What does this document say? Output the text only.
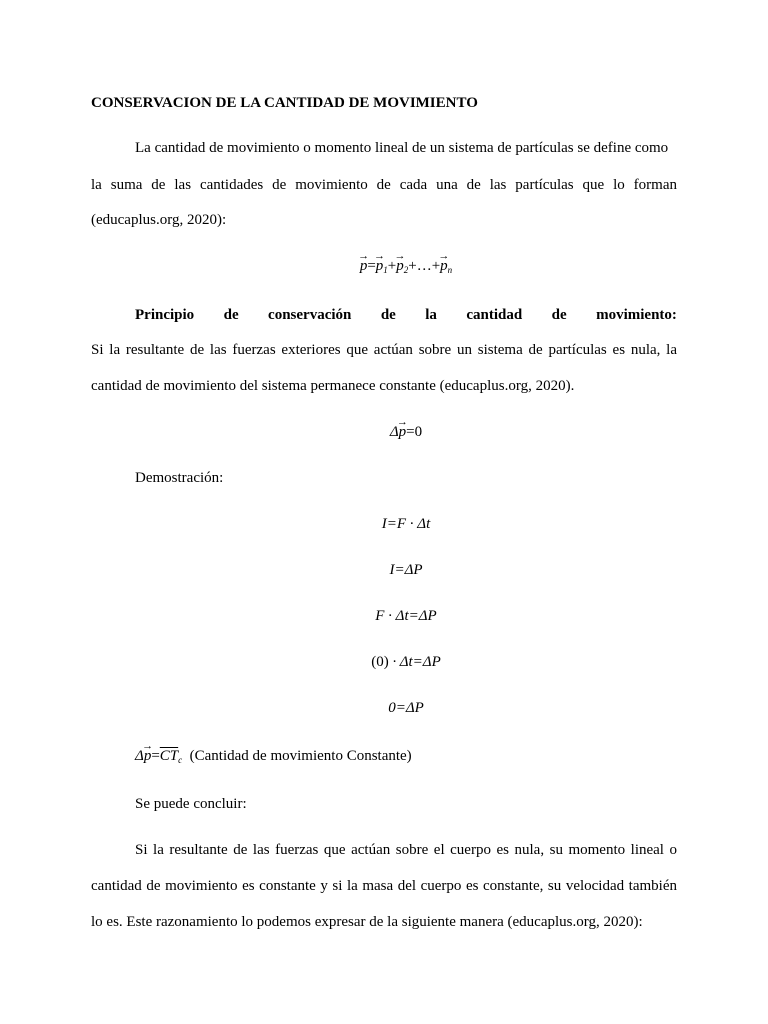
CONSERVACION DE LA CANTIDAD DE MOVIMIENTO
La cantidad de movimiento o momento lineal de un sistema de partículas se define como
la suma de las cantidades de movimiento de cada una de las partículas que lo forman
(educaplus.org, 2020):
→ $p=\to p_1+\to$ $p_2+\dots+\to p_n$
Principio de conservación de la cantidad de movimiento:
Si la resultante de las fuerzas exteriores que actúan sobre un sistema de partículas es nula, la
cantidad de movimiento del sistema permanece constante (educaplus.org, 2020).
Δ→ p=0
Demostración:
I=F · Δt
I=ΔP
F · Δt=ΔP
(0) · Δt=ΔP
0=ΔP
$\Delta\to p=\overline{CT}_c$ (Cantidad de movimiento Constante)
Se puede concluir:
Si la resultante de las fuerzas que actúan sobre el cuerpo es nula, su momento lineal o
cantidad de movimiento es constante y si la masa del cuerpo es constante, su velocidad también
lo es. Este razonamiento lo podemos expresar de la siguiente manera (educaplus.org, 2020):
